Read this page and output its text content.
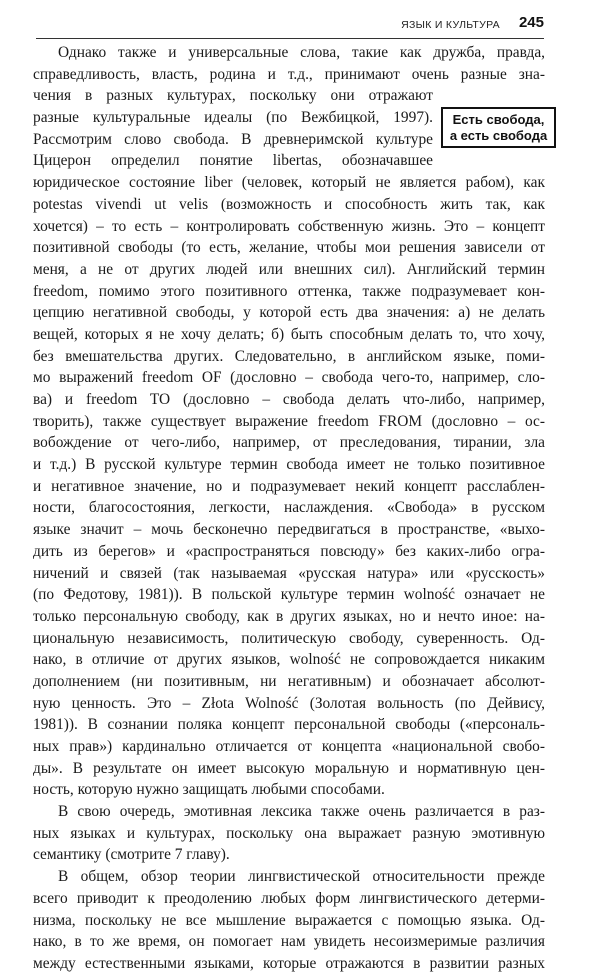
ЯЗЫК И КУЛЬТУРА 245
Есть свобода,
а есть свобода
Однако также и универсальные слова, такие как дружба, правда,
справедливость, власть, родина и т.д., принимают очень разные зна-
чения в разных культурах, поскольку они отражают
разные культуральные идеалы (по Вежбицкой, 1997).
Рассмотрим слово свобода. В древнеримской культуре
Цицерон определил понятие libertas, обозначавшее
юридическое состояние liber (человек, который не является рабом), как
potestas vivendi ut velis (возможность и способность жить так, как
хочется) – то есть – контролировать собственную жизнь. Это – концепт
позитивной свободы (то есть, желание, чтобы мои решения зависели от
меня, а не от других людей или внешних сил). Английский термин
freedom, помимо этого позитивного оттенка, также подразумевает кон-
цепцию негативной свободы, у которой есть два значения: а) не делать
вещей, которых я не хочу делать; б) быть способным делать то, что хочу,
без вмешательства других. Следовательно, в английском языке, поми-
мо выражений freedom OF (дословно – свобода чего-то, например, сло-
ва) и freedom TO (дословно – свобода делать что-либо, например,
творить), также существует выражение freedom FROM (дословно – ос-
вобождение от чего-либо, например, от преследования, тирании, зла
и т.д.) В русской культуре термин свобода имеет не только позитивное
и негативное значение, но и подразумевает некий концепт расслаблен-
ности, благосостояния, легкости, наслаждения. «Свобода» в русском
языке значит – мочь бесконечно передвигаться в пространстве, «выхо-
дить из берегов» и «распространяться повсюду» без каких-либо огра-
ничений и связей (так называемая «русская натура» или «русскость»
(по Федотову, 1981)). В польской культуре термин wolność означает не
только персональную свободу, как в других языках, но и нечто иное: на-
циональную независимость, политическую свободу, суверенность. Од-
нако, в отличие от других языков, wolność не сопровождается никаким
дополнением (ни позитивным, ни негативным) и обозначает абсолют-
ную ценность. Это – Złota Wolność (Золотая вольность (по Дейвису,
1981)). В сознании поляка концепт персональной свободы («персональ-
ных прав») кардинально отличается от концепта «национальной свобо-
ды». В результате он имеет высокую моральную и нормативную цен-
ность, которую нужно защищать любыми способами.
В свою очередь, эмотивная лексика также очень различается в раз-
ных языках и культурах, поскольку она выражает разную эмотивную
семантику (смотрите 7 главу).
В общем, обзор теории лингвистической относительности прежде
всего приводит к преодолению любых форм лингвистического детерми-
низма, поскольку не все мышление выражается с помощью языка. Од-
нако, в то же время, он помогает нам увидеть несоизмеримые различия
между естественными языками, которые отражаются в развитии разных
